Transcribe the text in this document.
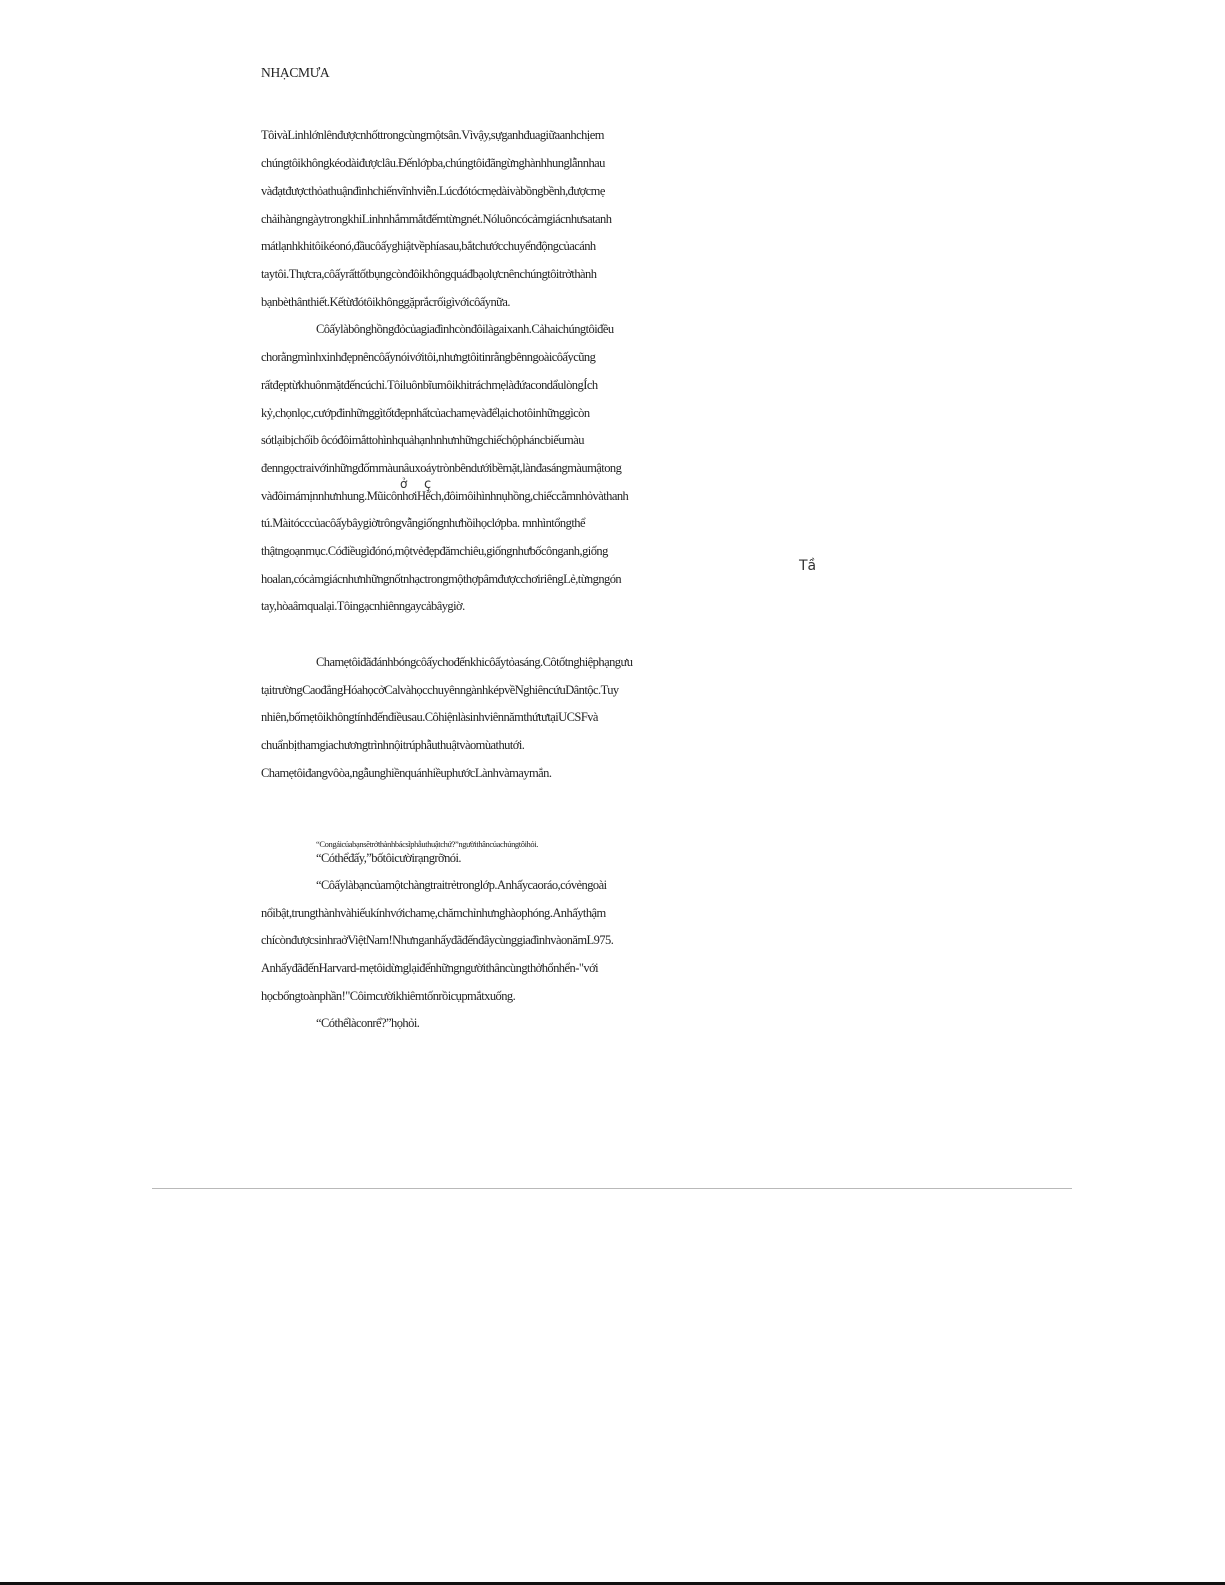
NHẠCMƯA
TôivàLinhlớnlênđượcnhốttrongcùngmộtsân.Vìvậy,sựganhđuagiữaanhchịem
chúngtôikhôngkéodàiđượclâu.Đếnlớpba,chúngtôiđãngừnghànhhunglẫnnhau
vàđạtđượcthỏathuậnđìnhchiếnvĩnhviễn.Lúcđótócmẹdàivàbồngbềnh,đượcmẹ
chảihàngngàytrongkhiLinhnhắmmắtđếmtừngnét.Nóluôncócảmgiácnhưsatanh
mátlạnhkhitôikéonó,đầucôấyghiậtvềphíasau,bắtchướcchuyểnđộngcủacánh
taytôi.Thựcra,côấyrấttốtbụngcònđôikhôngquáđbạolựcnênchúngtôitrởthành
bạnbèthânthiết.Kếtừđótôikhônggặprắcrốigìvớicôấynữa.
Côấylàbônghồngđỏcủagiađìnhcònđôilàgaixanh.Cảhaichúngtôiđều
chorằngmìnhxinhđẹpnêncôấynóivớitôi,nhưngtôitinrằngbênngoàicôấycũng
rấtđẹptừkhuônmặtđếncúchỉ.TôiluônbĩumôikhitráchmẹlàđứacondẩulòngÍch
kỷ,chọnlọc,cướpđinhữnggìtốtđẹpnhấtcủachamẹvàđểlạichotôinhữnggìcòn
sótlạibịchốib ôcóđôimắttohìnhquảhạnhnhưnhữngchiếchộpháncbiếumàu
đenngọctraivớinhữngđốmmàunâuxoáytrònbêndướibềmặt,lànđasángmàumậtong
vàđôimámịnnhưnhung.MũicônhơiHếch,đôimôihìnhnụhồng,chiếccằmnhỏvàthanh
tú.Màitócccủacôấybâygiờtrôngvẫngiốngnhưhồihọclớpba. mnhìntổngthể
thậtngoạnmục.Cóđiềugìđónó,mộtvẻđẹpđămchiêu,giốngnhưbốcônganh,giống
hoalan,cócảmgiácnhưnhữngnốtnhạctrongmộthợpâmđượcchơiriêngLẻ,từngngón
tay,hòaâmqualại.Tôingạcnhiênngaycảbâygiờ.
Chamẹtôiđãđánhbóngcôấychođếnkhicôấytỏasáng.Côtốtnghiệphạngưu
tạitrườngCaođẳngHóahọcởCalvàhọcchuyênngànhképvềNghiêncứuDântộc.Tuy
nhiên,bốmẹtôikhôngtínhđếnđiềusau.CôhiệnlàsinhviênnămthứtưtạiUCSFvà
chuẩnbịthamgiachươngtrìnhnộitrúphẫuthuậtvàomùathutới.
Chamẹtôiđangvôòa,ngẫunghiềnquánhiềuphướcLànhvàmaymắn.
“Congáicủabạnsẽtrởthànhbácsĩphẫuthuậtchứ?”ngườithâncủachúngtôihỏi.
“Cóthểđấy,”bốtôicườirạngrỡnói.
“Côấylàbạncủamộtchàngtraitrẻtronglớp.Anhấycaoráo,cóvẻngoài
nổibật,trungthànhvàhiếukínhvớichamẹ,chămchỉnhưnghàophóng.Anhấythậm
chícònđượcsinhraởViệtNam!NhưnganhấyđãđếnđâycùnggiađìnhvàonămL975.
AnhấyđãđếnHarvard-mẹtôidừnglạiđểnhữngngườithâncùngthởhổnhển-"với
họcbổngtoànphần!"Côimcườikhiêmtốnrồicụpmắtxuống.
“Cóthểlàconrể?”họhỏi.
ở ç
Tầ
